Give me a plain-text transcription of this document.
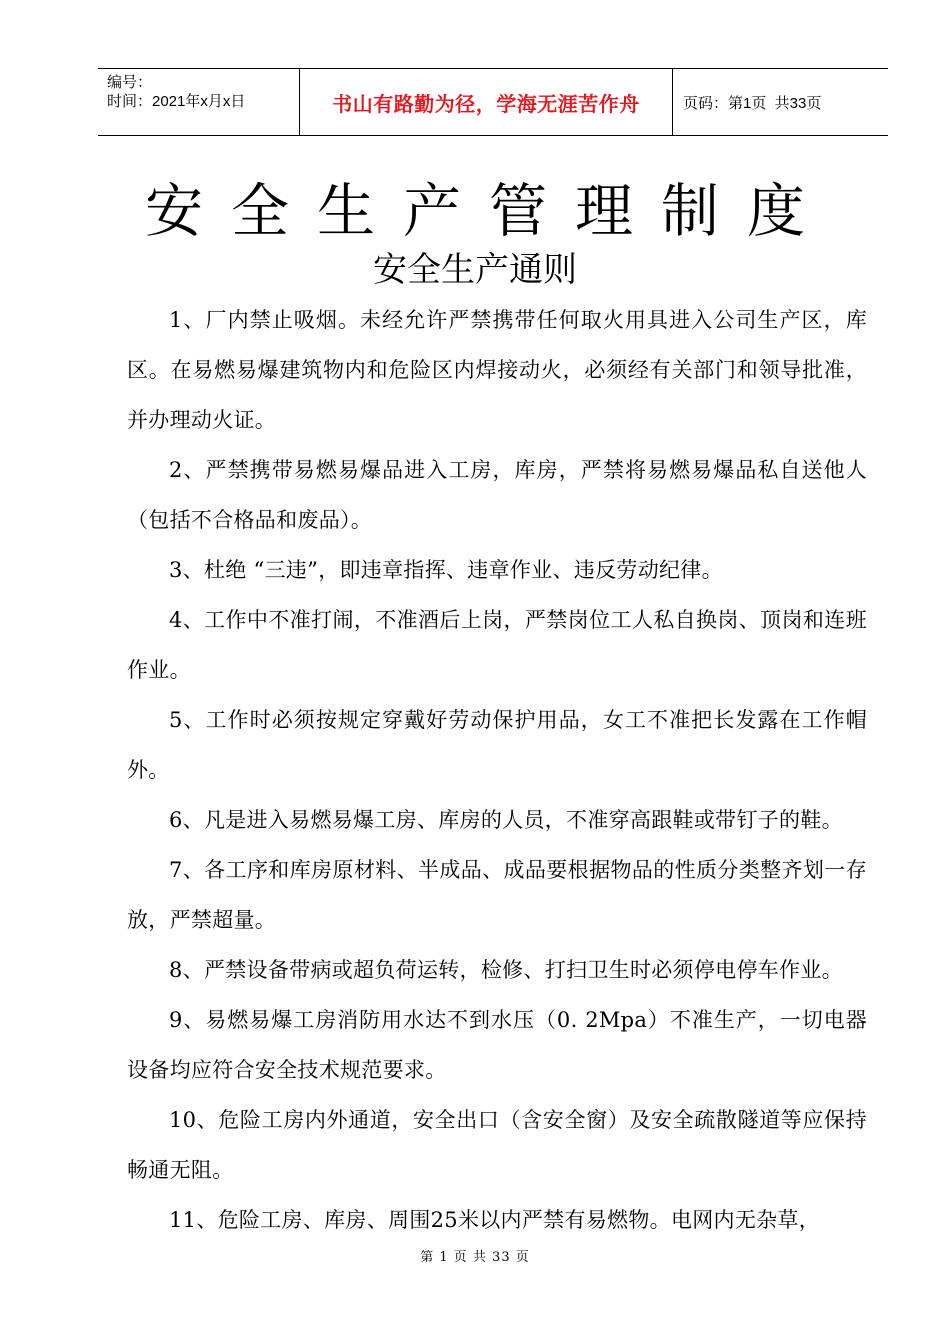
编号：
时间：2021年x月x日	书山有路勤为径，学海无涯苦作舟	页码：第1页  共33页
安全生产管理制度
安全生产通则

1、厂内禁止吸烟。未经允许严禁携带任何取火用具进入公司生产区，库区。在易燃易爆建筑物内和危险区内焊接动火，必须经有关部门和领导批准，并办理动火证。

2、严禁携带易燃易爆品进入工房，库房，严禁将易燃易爆品私自送他人（包括不合格品和废品）。

3、杜绝 “三违”，即违章指挥、违章作业、违反劳动纪律。

4、工作中不准打闹，不准酒后上岗，严禁岗位工人私自换岗、顶岗和连班作业。

5、工作时必须按规定穿戴好劳动保护用品，女工不准把长发露在工作帽外。

6、凡是进入易燃易爆工房、库房的人员，不准穿高跟鞋或带钉子的鞋。

7、各工序和库房原材料、半成品、成品要根据物品的性质分类整齐划一存放，严禁超量。

8、严禁设备带病或超负荷运转，检修、打扫卫生时必须停电停车作业。

9、易燃易爆工房消防用水达不到水压（0. 2Mpa）不准生产，一切电器设备均应符合安全技术规范要求。

10、危险工房内外通道，安全出口（含安全窗）及安全疏散隧道等应保持畅通无阻。

11、危险工房、库房、周围25米以内严禁有易燃物。电网内无杂草，

第 1 页 共 33 页
